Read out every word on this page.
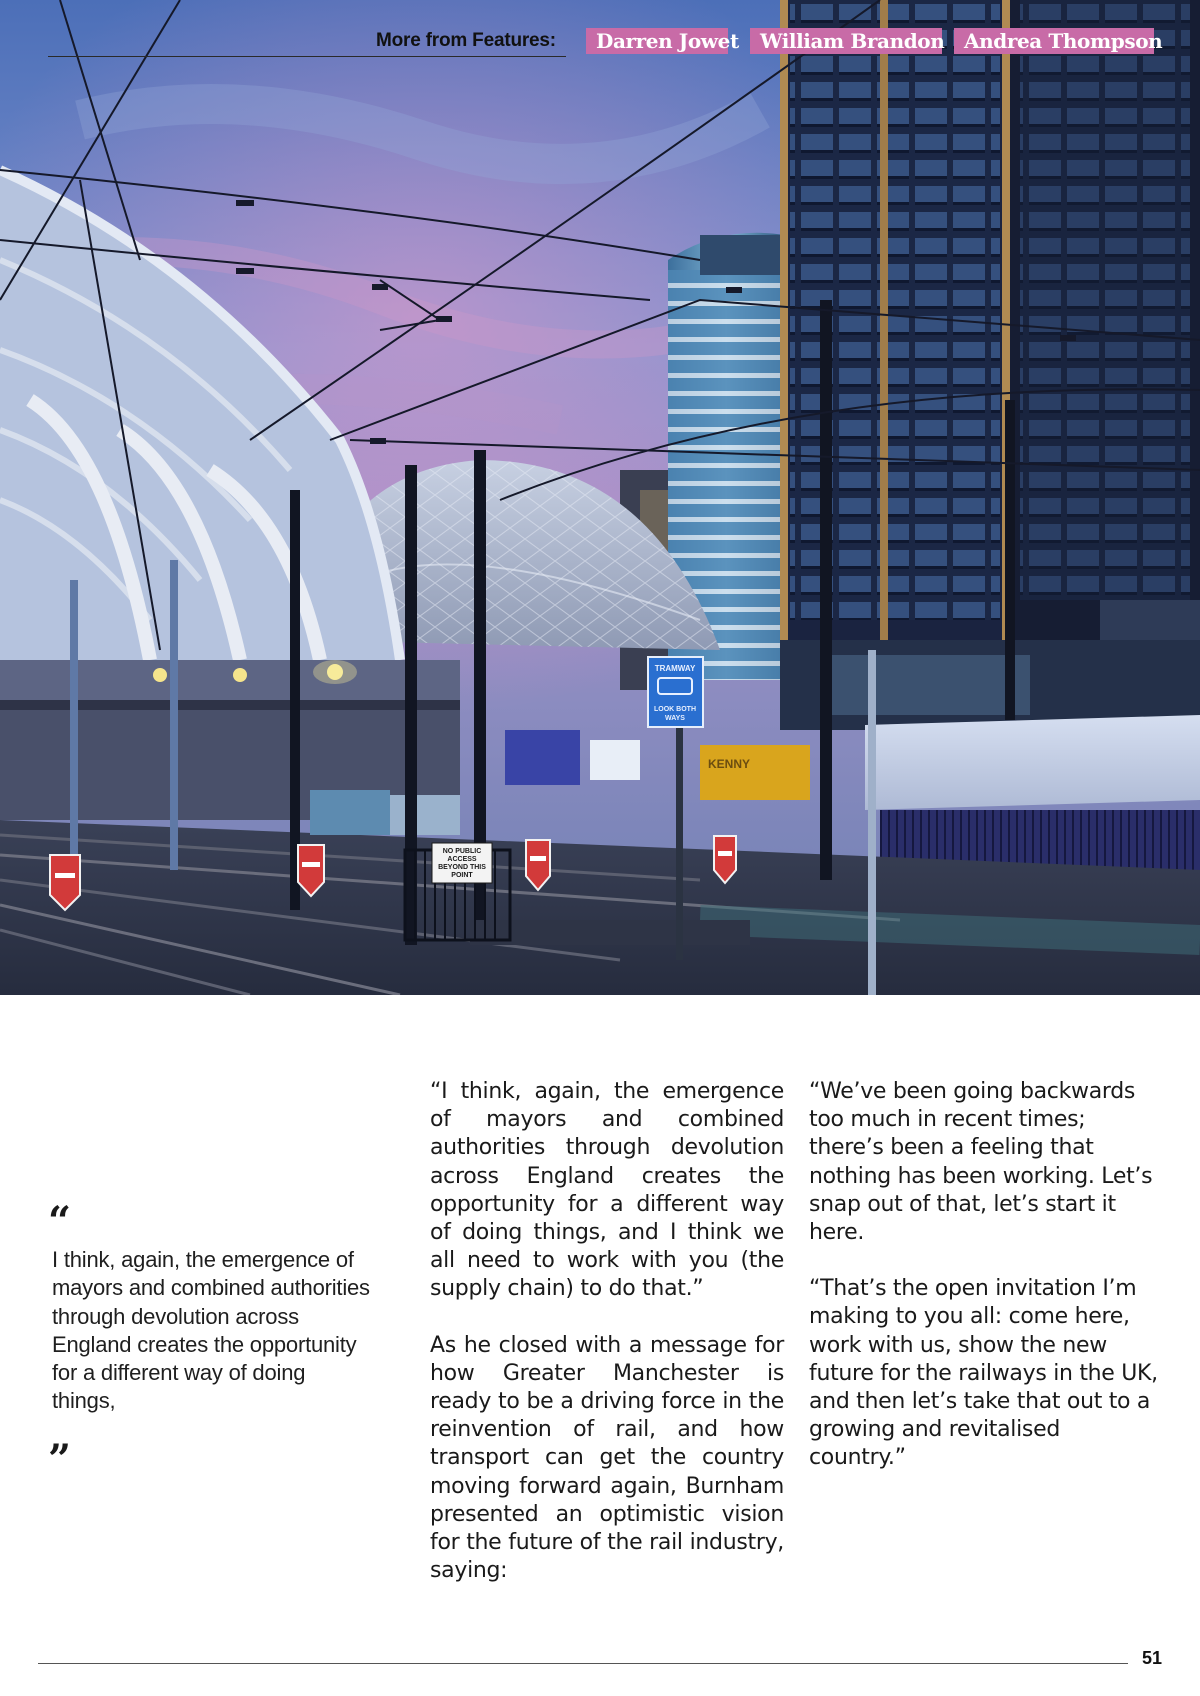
KENNY
NO PUBLIC
ACCESS
BEYOND THIS
POINT
TRAMWAY
LOOK BOTH
WAYS
More from Features:	Darren Jowet	William Brandon Andrea Thompson
“
I think, again, the emergence of mayors and combined authorities through devolution across England creates the opportunity for a different way of doing things,
”

“I think, again, the emergence of mayors and combined authorities through devolution across England creates the opportunity for a different way of doing things, and I think we all need to work with you (the supply chain) to do that.”

As he closed with a message for how Greater Manchester is ready to be a driving force in the reinvention of rail, and how transport can get the country moving forward again, Burnham presented an optimistic vision for the future of the rail industry, saying:

“We’ve been going backwards too much in recent times; there’s been a feeling that nothing has been working. Let’s snap out of that, let’s start it here.

“That’s the open invitation I’m making to you all: come here, work with us, show the new future for the railways in the UK, and then let’s take that out to a growing and revitalised country.”

51
